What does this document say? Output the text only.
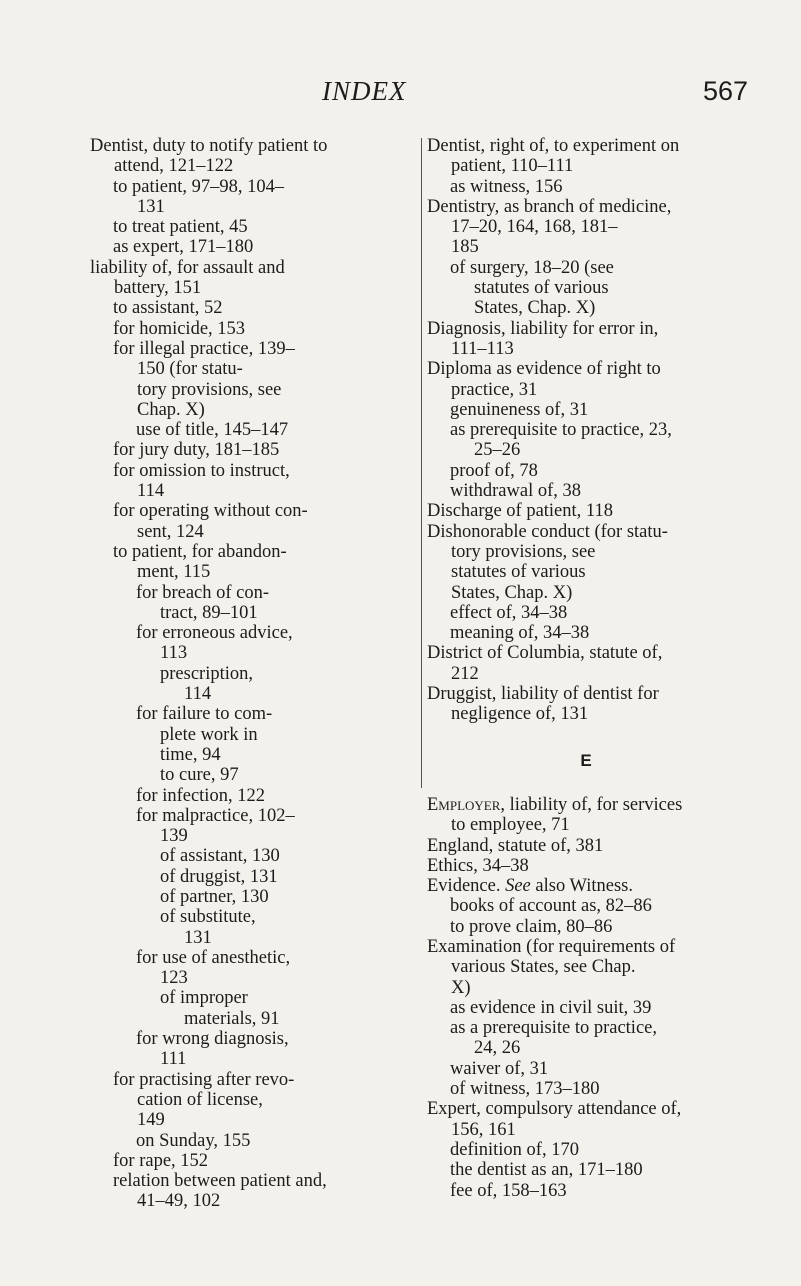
INDEX	567
Dentist, duty to notify patient to
attend, 121–122
to patient, 97–98, 104–
131
to treat patient, 45
as expert, 171–180
liability of, for assault and
battery, 151
to assistant, 52
for homicide, 153
for illegal practice, 139–
150 (for statu-
tory provisions, see
Chap. X)
use of title, 145–147
for jury duty, 181–185
for omission to instruct,
114
for operating without con-
sent, 124
to patient, for abandon-
ment, 115
for breach of con-
tract, 89–101
for erroneous advice,
113
prescription,
114
for failure to com-
plete work in
time, 94
to cure, 97
for infection, 122
for malpractice, 102–
139
of assistant, 130
of druggist, 131
of partner, 130
of substitute,
131
for use of anesthetic,
123
of improper
materials, 91
for wrong diagnosis,
111
for practising after revo-
cation of license,
149
on Sunday, 155
for rape, 152
relation between patient and,
41–49, 102
Dentist, right of, to experiment on
patient, 110–111
as witness, 156
Dentistry, as branch of medicine,
17–20, 164, 168, 181–
185
of surgery, 18–20 (see
statutes of various
States, Chap. X)
Diagnosis, liability for error in,
111–113
Diploma as evidence of right to
practice, 31
genuineness of, 31
as prerequisite to practice, 23,
25–26
proof of, 78
withdrawal of, 38
Discharge of patient, 118
Dishonorable conduct (for statu-
tory provisions, see
statutes of various
States, Chap. X)
effect of, 34–38
meaning of, 34–38
District of Columbia, statute of,
212
Druggist, liability of dentist for
negligence of, 131
E
Employer, liability of, for services
to employee, 71
England, statute of, 381
Ethics, 34–38
Evidence. See also Witness.
books of account as, 82–86
to prove claim, 80–86
Examination (for requirements of
various States, see Chap.
X)
as evidence in civil suit, 39
as a prerequisite to practice,
24, 26
waiver of, 31
of witness, 173–180
Expert, compulsory attendance of,
156, 161
definition of, 170
the dentist as an, 171–180
fee of, 158–163
